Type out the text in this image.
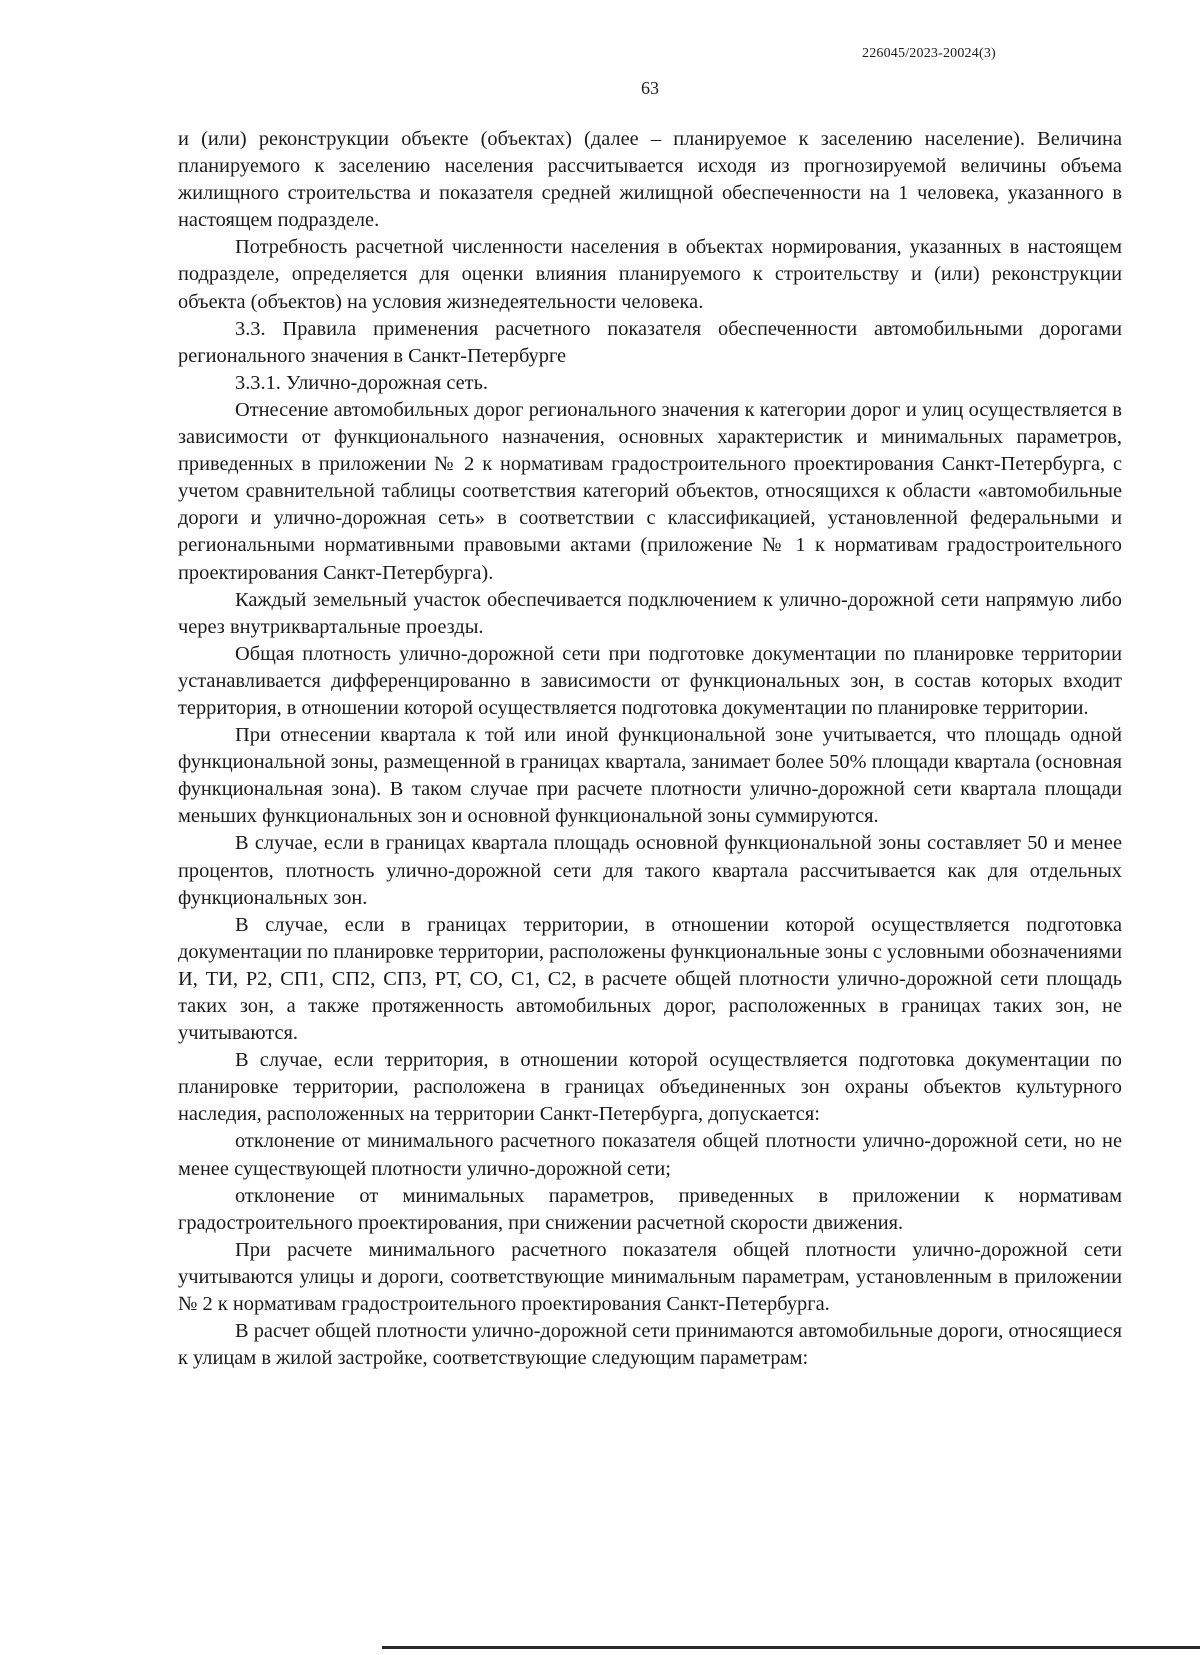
226045/2023-20024(3)
63

и (или) реконструкции объекте (объектах) (далее – планируемое к заселению население). Величина планируемого к заселению населения рассчитывается исходя из прогнозируемой величины объема жилищного строительства и показателя средней жилищной обеспеченности на 1 человека, указанного в настоящем подразделе.

Потребность расчетной численности населения в объектах нормирования, указанных в настоящем подразделе, определяется для оценки влияния планируемого к строительству и (или) реконструкции объекта (объектов) на условия жизнедеятельности человека.

3.3. Правила применения расчетного показателя обеспеченности автомобильными дорогами регионального значения в Санкт-Петербурге

3.3.1. Улично-дорожная сеть.

Отнесение автомобильных дорог регионального значения к категории дорог и улиц осуществляется в зависимости от функционального назначения, основных характеристик и минимальных параметров, приведенных в приложении № 2 к нормативам градостроительного проектирования Санкт-Петербурга, с учетом сравнительной таблицы соответствия категорий объектов, относящихся к области «автомобильные дороги и улично-дорожная сеть» в соответствии с классификацией, установленной федеральными и региональными нормативными правовыми актами (приложение № 1 к нормативам градостроительного проектирования Санкт-Петербурга).

Каждый земельный участок обеспечивается подключением к улично-дорожной сети напрямую либо через внутриквартальные проезды.

Общая плотность улично-дорожной сети при подготовке документации по планировке территории устанавливается дифференцированно в зависимости от функциональных зон, в состав которых входит территория, в отношении которой осуществляется подготовка документации по планировке территории.

При отнесении квартала к той или иной функциональной зоне учитывается, что площадь одной функциональной зоны, размещенной в границах квартала, занимает более 50% площади квартала (основная функциональная зона). В таком случае при расчете плотности улично-дорожной сети квартала площади меньших функциональных зон и основной функциональной зоны суммируются.

В случае, если в границах квартала площадь основной функциональной зоны составляет 50 и менее процентов, плотность улично-дорожной сети для такого квартала рассчитывается как для отдельных функциональных зон.

В случае, если в границах территории, в отношении которой осуществляется подготовка документации по планировке территории, расположены функциональные зоны с условными обозначениями И, ТИ, Р2, СП1, СП2, СП3, РТ, СО, С1, С2, в расчете общей плотности улично-дорожной сети площадь таких зон, а также протяженность автомобильных дорог, расположенных в границах таких зон, не учитываются.

В случае, если территория, в отношении которой осуществляется подготовка документации по планировке территории, расположена в границах объединенных зон охраны объектов культурного наследия, расположенных на территории Санкт-Петербурга, допускается:

отклонение от минимального расчетного показателя общей плотности улично-дорожной сети, но не менее существующей плотности улично-дорожной сети;

отклонение от минимальных параметров, приведенных в приложении к нормативам градостроительного проектирования, при снижении расчетной скорости движения.

При расчете минимального расчетного показателя общей плотности улично-дорожной сети учитываются улицы и дороги, соответствующие минимальным параметрам, установленным в приложении № 2 к нормативам градостроительного проектирования Санкт-Петербурга.

В расчет общей плотности улично-дорожной сети принимаются автомобильные дороги, относящиеся к улицам в жилой застройке, соответствующие следующим параметрам:
